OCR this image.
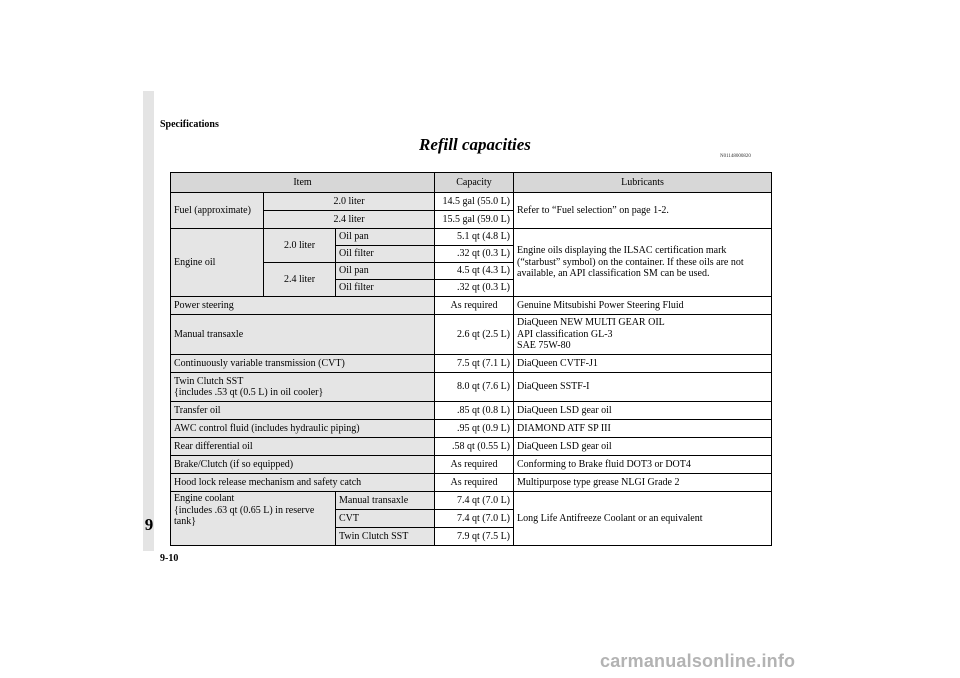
9
Specifications
Refill capacities
N01148000820
Item			Capacity	Lubricants
Fuel (approximate)	2.0 liter		14.5 gal (55.0 L)	Refer to “Fuel selection” on page 1-2.
	2.4 liter		15.5 gal (59.0 L)	
Engine oil	2.0 liter	Oil pan	5.1 qt (4.8 L)	Engine oils displaying the ILSAC certification mark (“starbust” symbol) on the container. If these oils are not available, an API classification SM can be used.
		Oil filter	.32 qt (0.3 L)	
	2.4 liter	Oil pan	4.5 qt (4.3 L)	
		Oil filter	.32 qt (0.3 L)	
Power steering			As required	Genuine Mitsubishi Power Steering Fluid
Manual transaxle			2.6 qt (2.5 L)	DiaQueen NEW MULTI GEAR OIL
API classification GL-3
SAE 75W-80

Continuously variable transmission (CVT)			7.5 qt (7.1 L)	DiaQueen CVTF-J1

Twin Clutch SST
{includes .53 qt (0.5 L) in oil cooler}			8.0 qt (7.6 L)	DiaQueen SSTF-I
Transfer oil			.85 qt (0.8 L)	DiaQueen LSD gear oil
AWC control fluid (includes hydraulic piping)			.95 qt (0.9 L)	DIAMOND ATF SP III
Rear differential oil			.58 qt (0.55 L)	DiaQueen LSD gear oil
Brake/Clutch (if so equipped)			As required	Conforming to Brake fluid DOT3 or DOT4
Hood lock release mechanism and safety catch			As required	Multipurpose type grease NLGI Grade 2

Engine coolant
{includes .63 qt (0.65 L) in reserve
tank}		Manual transaxle	7.4 qt (7.0 L)	Long Life Antifreeze Coolant or an equivalent
		CVT	7.4 qt (7.0 L)	
		Twin Clutch SST	7.9 qt (7.5 L)	
9-10
carmanualsonline.info
